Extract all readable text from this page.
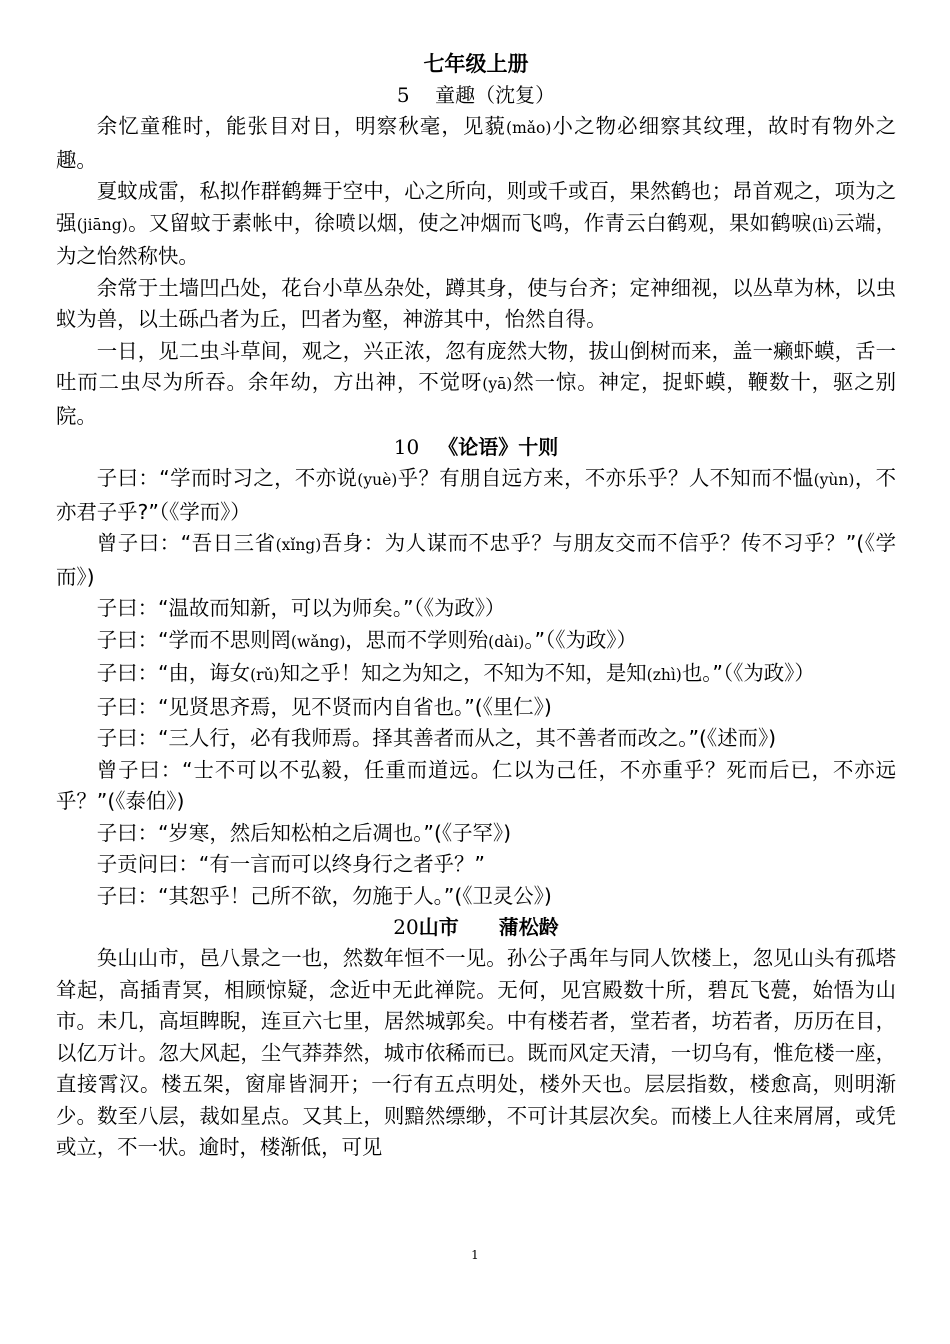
七年级上册
5 童趣（沈复）

余忆童稚时，能张目对日，明察秋毫，见藐(mǎo)小之物必细察其纹理，故时有物外之趣。

夏蚊成雷，私拟作群鹤舞于空中，心之所向，则或千或百，果然鹤也；昂首观之，项为之强(jiāng)。又留蚊于素帐中，徐喷以烟，使之冲烟而飞鸣，作青云白鹤观，果如鹤唳(lì)云端，为之怡然称快。

余常于土墙凹凸处，花台小草丛杂处，蹲其身，使与台齐；定神细视，以丛草为林，以虫蚁为兽，以土砾凸者为丘，凹者为壑，神游其中，怡然自得。

一日，见二虫斗草间，观之，兴正浓，忽有庞然大物，拔山倒树而来，盖一癞虾蟆，舌一吐而二虫尽为所吞。余年幼，方出神，不觉呀(yā)然一惊。神定，捉虾蟆，鞭数十，驱之别院。

10 《论语》十则

子曰：“学而时习之，不亦说(yuè)乎？有朋自远方来，不亦乐乎？人不知而不愠(yùn)，不亦君子乎?”（《学而》）

曾子曰：“吾日三省(xǐng)吾身：为人谋而不忠乎？与朋友交而不信乎？传不习乎？”(《学而》)

子曰：“温故而知新，可以为师矣。”（《为政》）

子曰：“学而不思则罔(wǎng)，思而不学则殆(dài)。”（《为政》）

子曰：“由，诲女(rǔ)知之乎！知之为知之，不知为不知，是知(zhì)也。”（《为政》）

子曰：“见贤思齐焉，见不贤而内自省也。”(《里仁》)

子曰：“三人行，必有我师焉。择其善者而从之，其不善者而改之。”(《述而》)

曾子曰：“士不可以不弘毅，任重而道远。仁以为己任，不亦重乎？死而后已，不亦远乎？”(《泰伯》)

子曰：“岁寒，然后知松柏之后凋也。”(《子罕》)

子贡问曰：“有一言而可以终身行之者乎？”

子曰：“其恕乎！己所不欲，勿施于人。”(《卫灵公》)

20山市　　蒲松龄

奂山山市，邑八景之一也，然数年恒不一见。孙公子禹年与同人饮楼上，忽见山头有孤塔耸起，高插青冥，相顾惊疑，念近中无此禅院。无何，见宫殿数十所，碧瓦飞甍，始悟为山市。未几，高垣睥睨，连亘六七里，居然城郭矣。中有楼若者，堂若者，坊若者，历历在目，以亿万计。忽大风起，尘气莽莽然，城市依稀而已。既而风定天清，一切乌有，惟危楼一座，直接霄汉。楼五架，窗扉皆洞开；一行有五点明处，楼外天也。层层指数，楼愈高，则明渐少。数至八层，裁如星点。又其上，则黯然缥缈，不可计其层次矣。而楼上人往来屑屑，或凭或立，不一状。逾时，楼渐低，可见

1
